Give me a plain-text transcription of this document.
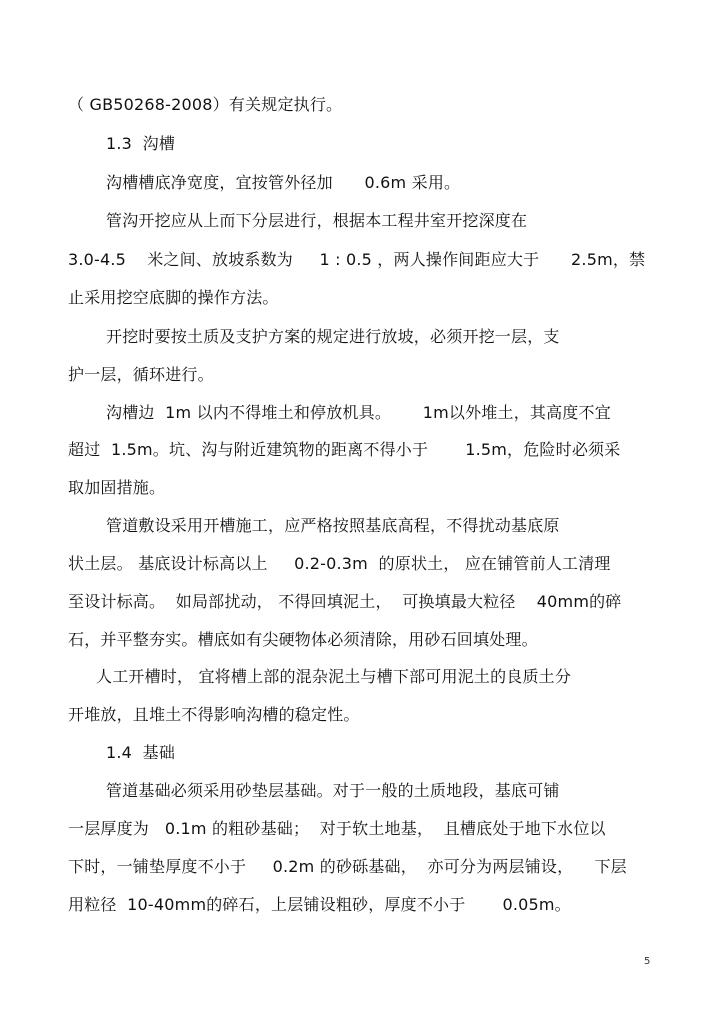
（ GB50268-2008）有关规定执行。
1.3  沟槽
沟槽槽底净宽度，宜按管外径加      0.6m 采用。
管沟开挖应从上而下分层进行，根据本工程井室开挖深度在
3.0-4.5    米之间、放坡系数为     1 : 0.5 ，两人操作间距应大于      2.5m，禁
止采用挖空底脚的操作方法。
开挖时要按土质及支护方案的规定进行放坡，必须开挖一层，支
护一层，循环进行。
沟槽边  1m 以内不得堆土和停放机具。      1m以外堆土，其高度不宜
超过  1.5m。坑、沟与附近建筑物的距离不得小于       1.5m，危险时必须采
取加固措施。
管道敷设采用开槽施工，应严格按照基底高程，不得扰动基底原
状土层。 基底设计标高以上     0.2-0.3m  的原状土， 应在铺管前人工清理
至设计标高。  如局部扰动， 不得回填泥土，  可换填最大粒径    40mm的碎
石，并平整夯实。槽底如有尖硬物体必须清除，用砂石回填处理。
人工开槽时， 宜将槽上部的混杂泥土与槽下部可用泥土的良质土分
开堆放，且堆土不得影响沟槽的稳定性。
1.4  基础
管道基础必须采用砂垫层基础。对于一般的土质地段，基底可铺
一层厚度为   0.1m 的粗砂基础；  对于软土地基，  且槽底处于地下水位以
下时，一铺垫厚度不小于     0.2m 的砂砾基础，  亦可分为两层铺设，    下层
用粒径  10-40mm的碎石，上层铺设粗砂，厚度不小于       0.05m。
5
